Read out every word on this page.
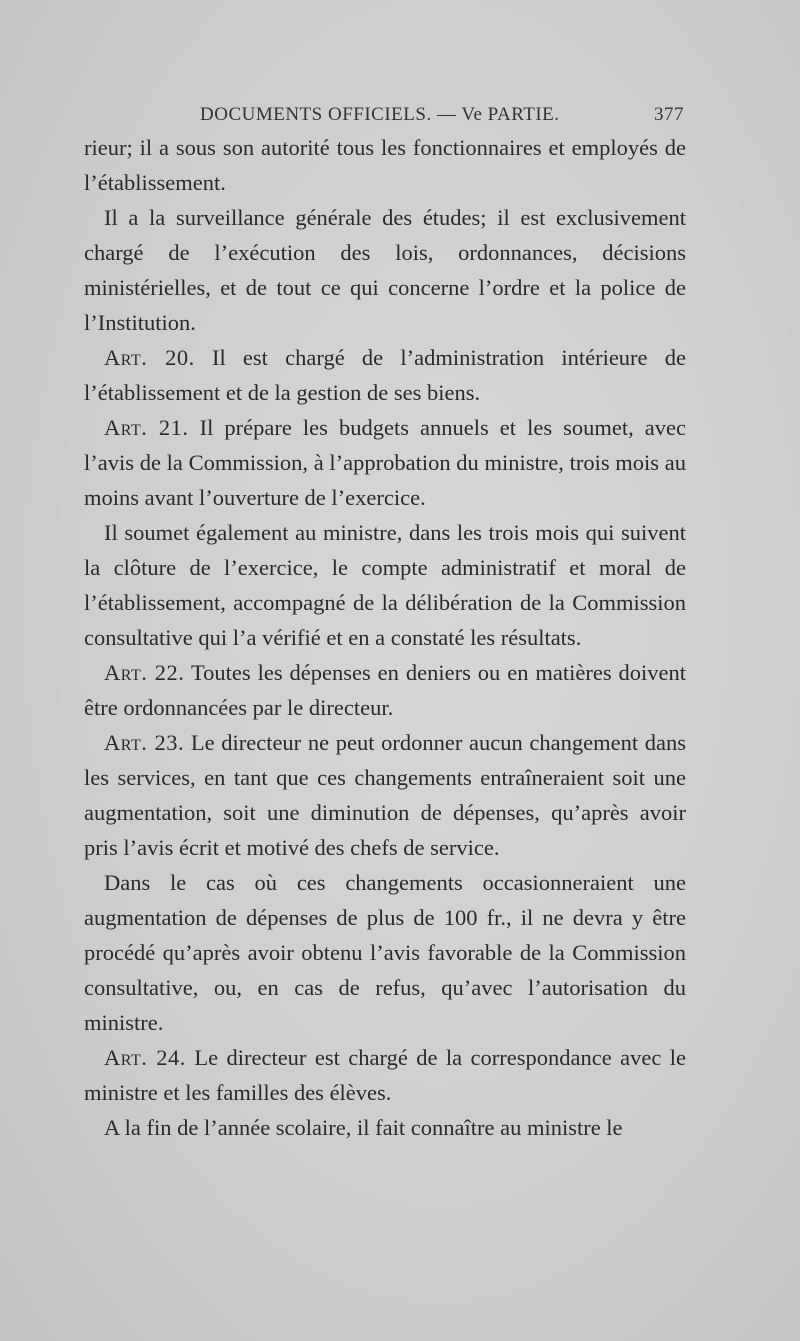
DOCUMENTS OFFICIELS. — Ve PARTIE.	377

rieur; il a sous son autorité tous les fonctionnaires et employés de l’établissement.

Il a la surveillance générale des études; il est exclusivement chargé de l’exécution des lois, ordonnances, décisions ministérielles, et de tout ce qui concerne l’ordre et la police de l’Institution.

Art. 20. Il est chargé de l’administration intérieure de l’établissement et de la gestion de ses biens.

Art. 21. Il prépare les budgets annuels et les soumet, avec l’avis de la Commission, à l’approbation du ministre, trois mois au moins avant l’ouverture de l’exercice.

Il soumet également au ministre, dans les trois mois qui suivent la clôture de l’exercice, le compte administratif et moral de l’établissement, accompagné de la délibération de la Commission consultative qui l’a vérifié et en a constaté les résultats.

Art. 22. Toutes les dépenses en deniers ou en matières doivent être ordonnancées par le directeur.

Art. 23. Le directeur ne peut ordonner aucun changement dans les services, en tant que ces changements entraîneraient soit une augmentation, soit une diminution de dépenses, qu’après avoir pris l’avis écrit et motivé des chefs de service.

Dans le cas où ces changements occasionneraient une augmentation de dépenses de plus de 100 fr., il ne devra y être procédé qu’après avoir obtenu l’avis favorable de la Commission consultative, ou, en cas de refus, qu’avec l’autorisation du ministre.

Art. 24. Le directeur est chargé de la correspondance avec le ministre et les familles des élèves.

A la fin de l’année scolaire, il fait connaître au ministre le
